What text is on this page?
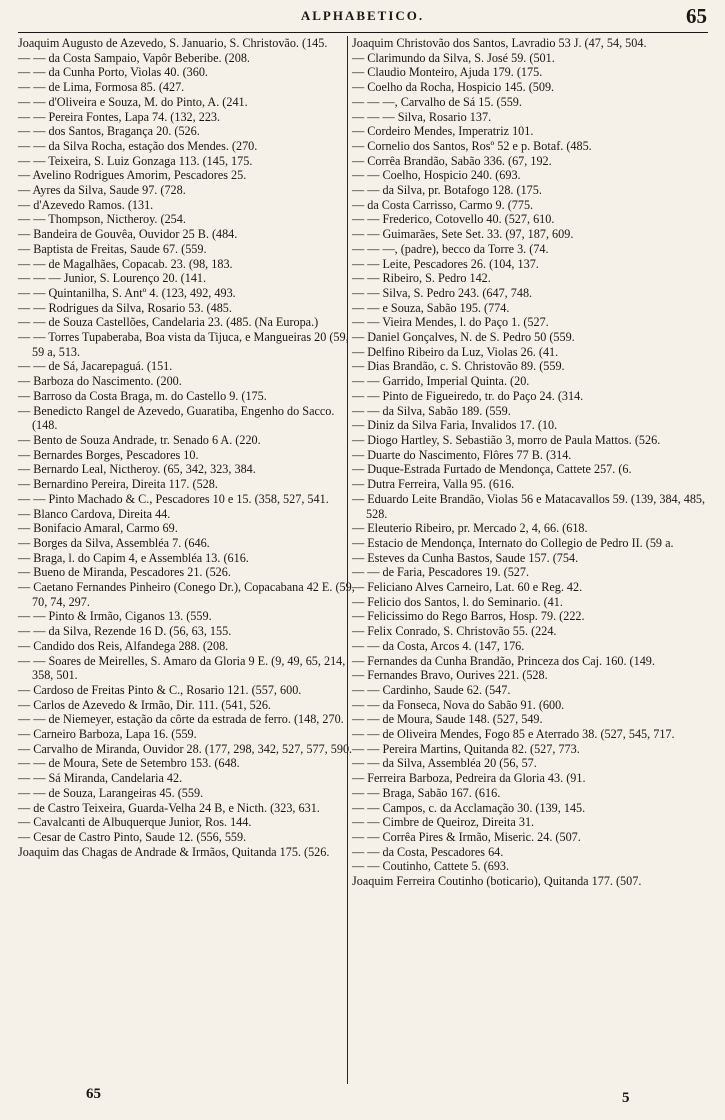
ALPHABETICO.	65
Joaquim Augusto de Azevedo, S. Januario, S. Christovão. (145.
— — da Costa Sampaio, Vapôr Beberibe. (208.
— — da Cunha Porto, Violas 40. (360.
— — de Lima, Formosa 85. (427.
— — d'Oliveira e Souza, M. do Pinto, A. (241.
— — Pereira Fontes, Lapa 74. (132, 223.
— — dos Santos, Bragança 20. (526.
— — da Silva Rocha, estação dos Mendes. (270.
— — Teixeira, S. Luiz Gonzaga 113. (145, 175.
— Avelino Rodrigues Amorim, Pescadores 25.
— Ayres da Silva, Saude 97. (728.
— d'Azevedo Ramos. (131.
— — Thompson, Nictheroy. (254.
— Bandeira de Gouvêa, Ouvidor 25 B. (484.
— Baptista de Freitas, Saude 67. (559.
— — de Magalhães, Copacab. 23. (98, 183.
— — — Junior, S. Lourenço 20. (141.
— — Quintanilha, S. Antº 4. (123, 492, 493.
— — Rodrigues da Silva, Rosario 53. (485.
— — de Souza Castellões, Candelaria 23. (485. (Na Europa.)
— — Torres Tupaberaba, Boa vista da Tijuca, e Mangueiras 20 (59, 59 a, 513.
— — de Sá, Jacarepaguá. (151.
— Barboza do Nascimento. (200.
— Barroso da Costa Braga, m. do Castello 9. (175.
— Benedicto Rangel de Azevedo, Guaratiba, Engenho do Sacco. (148.
— Bento de Souza Andrade, tr. Senado 6 A. (220.
— Bernardes Borges, Pescadores 10.
— Bernardo Leal, Nictheroy. (65, 342, 323, 384.
— Bernardino Pereira, Direita 117. (528.
— — Pinto Machado & C., Pescadores 10 e 15. (358, 527, 541.
— Blanco Cardova, Direita 44.
— Bonifacio Amaral, Carmo 69.
— Borges da Silva, Assembléa 7. (646.
— Braga, l. do Capim 4, e Assembléa 13. (616.
— Bueno de Miranda, Pescadores 21. (526.
— Caetano Fernandes Pinheiro (Conego Dr.), Copacabana 42 E. (59, 70, 74, 297.
— — Pinto & Irmão, Ciganos 13. (559.
— — da Silva, Rezende 16 D. (56, 63, 155.
— Candido dos Reis, Alfandega 288. (208.
— — Soares de Meirelles, S. Amaro da Gloria 9 E. (9, 49, 65, 214, 358, 501.
— Cardoso de Freitas Pinto & C., Rosario 121. (557, 600.
— Carlos de Azevedo & Irmão, Dir. 111. (541, 526.
— — de Niemeyer, estação da côrte da estrada de ferro. (148, 270.
— Carneiro Barboza, Lapa 16. (559.
— Carvalho de Miranda, Ouvidor 28. (177, 298, 342, 527, 577, 590.
— — de Moura, Sete de Setembro 153. (648.
— — Sá Miranda, Candelaria 42.
— — de Souza, Larangeiras 45. (559.
— de Castro Teixeira, Guarda-Velha 24 B, e Nicth. (323, 631.
— Cavalcanti de Albuquerque Junior, Ros. 144.
— Cesar de Castro Pinto, Saude 12. (556, 559.
Joaquim das Chagas de Andrade & Irmãos, Quitanda 175. (526.
Joaquim Christovão dos Santos, Lavradio 53 J. (47, 54, 504.
— Clarimundo da Silva, S. José 59. (501.
— Claudio Monteiro, Ajuda 179. (175.
— Coelho da Rocha, Hospicio 145. (509.
— — —, Carvalho de Sá 15. (559.
— — — Silva, Rosario 137.
— Cordeiro Mendes, Imperatriz 101.
— Cornelio dos Santos, Rosº 52 e p. Botaf. (485.
— Corrêa Brandão, Sabão 336. (67, 192.
— — Coelho, Hospicio 240. (693.
— — da Silva, pr. Botafogo 128. (175.
— da Costa Carrisso, Carmo 9. (775.
— — Frederico, Cotovello 40. (527, 610.
— — Guimarães, Sete Set. 33. (97, 187, 609.
— — —, (padre), becco da Torre 3. (74.
— — Leite, Pescadores 26. (104, 137.
— — Ribeiro, S. Pedro 142.
— — Silva, S. Pedro 243. (647, 748.
— — e Souza, Sabão 195. (774.
— — Vieira Mendes, l. do Paço 1. (527.
— Daniel Gonçalves, N. de S. Pedro 50 (559.
— Delfino Ribeiro da Luz, Violas 26. (41.
— Dias Brandão, c. S. Christovão 89. (559.
— — Garrido, Imperial Quinta. (20.
— — Pinto de Figueiredo, tr. do Paço 24. (314.
— — da Silva, Sabão 189. (559.
— Diniz da Silva Faria, Invalidos 17. (10.
— Diogo Hartley, S. Sebastião 3, morro de Paula Mattos. (526.
— Duarte do Nascimento, Flôres 77 B. (314.
— Duque-Estrada Furtado de Mendonça, Cattete 257. (6.
— Dutra Ferreira, Valla 95. (616.
— Eduardo Leite Brandão, Violas 56 e Matacavallos 59. (139, 384, 485, 528.
— Eleuterio Ribeiro, pr. Mercado 2, 4, 66. (618.
— Estacio de Mendonça, Internato do Collegio de Pedro II. (59 a.
— Esteves da Cunha Bastos, Saude 157. (754.
— — de Faria, Pescadores 19. (527.
— Feliciano Alves Carneiro, Lat. 60 e Reg. 42.
— Felicio dos Santos, l. do Seminario. (41.
— Felicissimo do Rego Barros, Hosp. 79. (222.
— Felix Conrado, S. Christovão 55. (224.
— — da Costa, Arcos 4. (147, 176.
— Fernandes da Cunha Brandão, Princeza dos Caj. 160. (149.
— Fernandes Bravo, Ourives 221. (528.
— — Cardinho, Saude 62. (547.
— — da Fonseca, Nova do Sabão 91. (600.
— — de Moura, Saude 148. (527, 549.
— — de Oliveira Mendes, Fogo 85 e Aterrado 38. (527, 545, 717.
— — Pereira Martins, Quitanda 82. (527, 773.
— — da Silva, Assembléa 20 (56, 57.
— Ferreira Barboza, Pedreira da Gloria 43. (91.
— — Braga, Sabão 167. (616.
— — Campos, c. da Acclamação 30. (139, 145.
— — Cimbre de Queiroz, Direita 31.
— — Corrêa Pires & Irmão, Miseric. 24. (507.
— — da Costa, Pescadores 64.
— — Coutinho, Cattete 5. (693.
Joaquim Ferreira Coutinho (boticario), Quitanda 177. (507.
65	5
